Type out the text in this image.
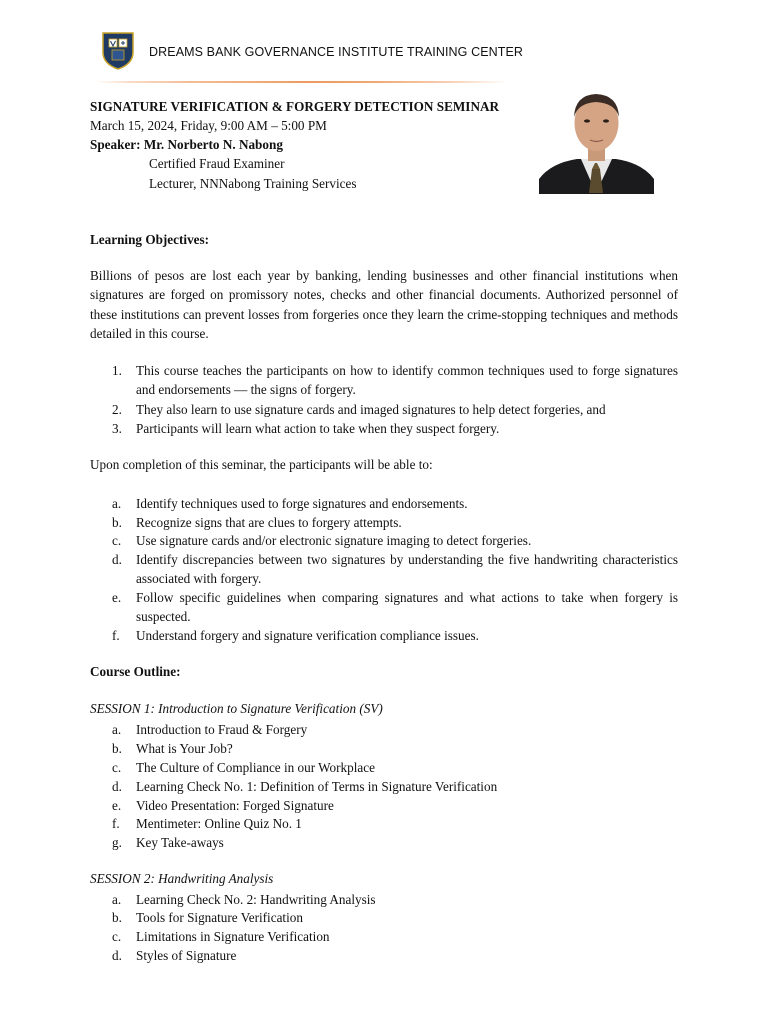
DREAMS BANK GOVERNANCE INSTITUTE TRAINING CENTER
SIGNATURE VERIFICATION & FORGERY DETECTION SEMINAR
March 15, 2024, Friday, 9:00 AM – 5:00 PM
Speaker: Mr. Norberto N. Nabong
Certified Fraud Examiner
Lecturer, NNNabong Training Services
Learning Objectives:
Billions of pesos are lost each year by banking, lending businesses and other financial institutions when signatures are forged on promissory notes, checks and other financial documents. Authorized personnel of these institutions can prevent losses from forgeries once they learn the crime-stopping techniques and methods detailed in this course.
1.	This course teaches the participants on how to identify common techniques used to forge signatures and endorsements — the signs of forgery.
2.	They also learn to use signature cards and imaged signatures to help detect forgeries, and
3.	Participants will learn what action to take when they suspect forgery.
Upon completion of this seminar, the participants will be able to:
a.	Identify techniques used to forge signatures and endorsements.
b.	Recognize signs that are clues to forgery attempts.
c.	Use signature cards and/or electronic signature imaging to detect forgeries.
d.	Identify discrepancies between two signatures by understanding the five handwriting characteristics associated with forgery.
e.	Follow specific guidelines when comparing signatures and what actions to take when forgery is suspected.
f.	Understand forgery and signature verification compliance issues.
Course Outline:
SESSION 1: Introduction to Signature Verification (SV)
a.	Introduction to Fraud & Forgery
b.	What is Your Job?
c.	The Culture of Compliance in our Workplace
d.	Learning Check No. 1: Definition of Terms in Signature Verification
e.	Video Presentation: Forged Signature
f.	Mentimeter: Online Quiz No. 1
g.	Key Take-aways
SESSION 2: Handwriting Analysis
a.	Learning Check No. 2: Handwriting Analysis
b.	Tools for Signature Verification
c.	Limitations in Signature Verification
d.	Styles of Signature
